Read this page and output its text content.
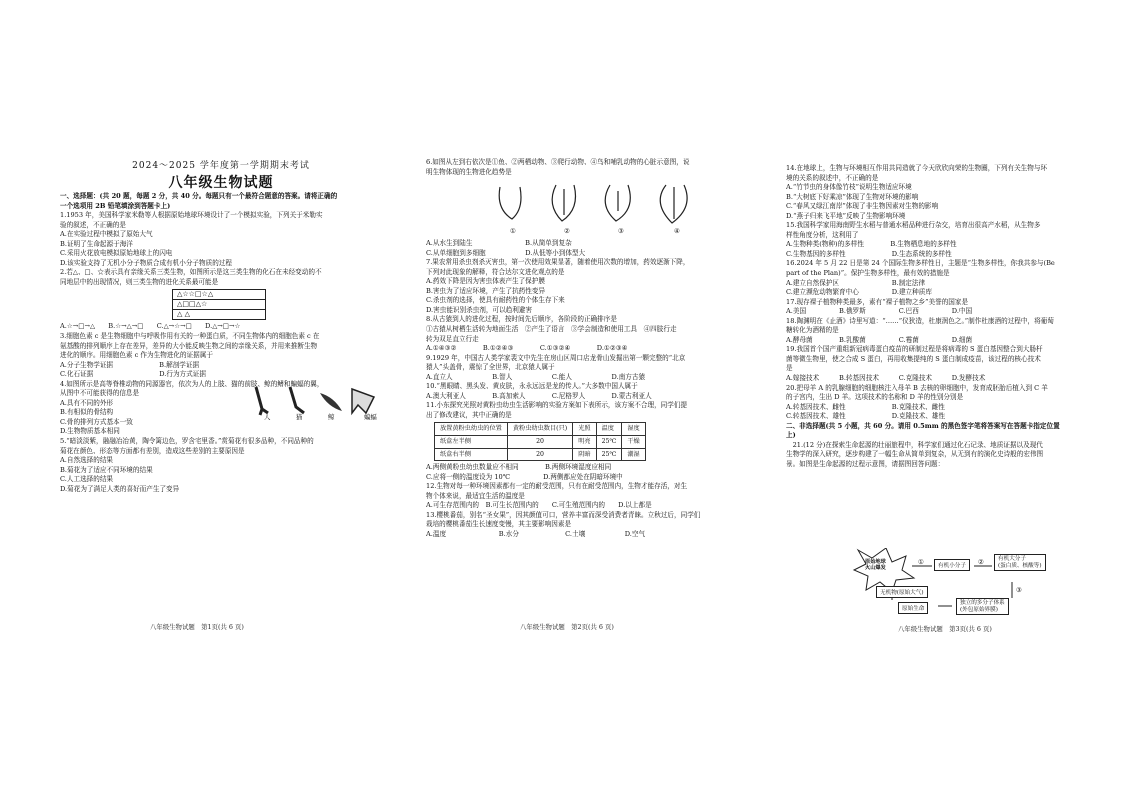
2024～2025 学年度第一学期期末考试
八年级生物试题

一、选择题：(共 20 题，每题 2 分，共 40 分。每题只有一个最符合题意的答案。请将正确的

一个选项用 2B 铅笔填涂到答题卡上)

1.1953 年，美国科学家米勒等人根据原始地球环境设计了一个模拟实验，下列关于米勒实

验的叙述，不正确的是

A.在实验过程中模拟了原始大气

B.证明了生命起源于海洋

C.采用火花放电模拟原始地球上的闪电

D.该实验支持了无机小分子物质合成有机小分子物质的过程

2.若△、□、☆表示具有亲缘关系三类生物，如图所示是这三类生物的化石在未经变动的不

同地层中的出现情况，则三类生物的进化关系最可能是

△☆☆□☆△
△□□△☆
△ △

A.☆→□→△　　B.☆→△→□　　C.△→☆→□　　D.△→□→☆

3.细胞色素 c 是生物细胞中与呼吸作用有关的一种蛋白质，不同生物体内的细胞色素 c 在

氨基酸的排列顺序上存在差异，差异的大小能反映生物之间的亲缘关系，并用来推断生物

进化的顺序。用细胞色素 c 作为生物进化的证据属于

A.分子生物学证据　　　　　　　B.解剖学证据

C.化石证据　　　　　　　　　　D.行为方式证据

4.如图所示是高等脊椎动物的同源器官，依次为人的上肢、猫的前肢、鲸的鳍和蝙蝠的翼，

从图中不可能获得的信息是

A.具有不同的外形

B.有相似的骨结构

C.骨的排列方式基本一致

D.生物物质基本相同

人	猫	鲸	蝙蝠

5.“暗淡淡紫，融融冶冶黄，陶令篱边色，罗含宅里香。”赏菊花有很多品种，不同品种的

菊花在颜色、形态等方面都有差别，造成这些差别的主要原因是

A.自然选择的结果

B.菊花为了适应不同环境的结果

C.人工选择的结果

D.菊花为了满足人类的喜好而产生了变异

八年级生物试题　第1页(共 6 页)

6.如图从左到右依次是①鱼、②两栖动物、③爬行动物、④鸟和哺乳动物的心脏示意图，说

明生物体现的生物进化趋势是

①	②	③	④

A.从水生到陆生　　　　　　　　B.从简单到复杂

C.从单细胞到多细胞　　　　　　D.从低等小到体型大

7.果农常用杀虫剂杀灭害虫，第一次使用效果显著，随着使用次数的增加，药效逐渐下降，

下列对此现象的解释，符合达尔文进化观点的是

A.药效下降是因为害虫体表产生了保护膜

B.害虫为了适应环境，产生了抗药性变异

C.杀虫剂的选择，使具有耐药性的个体生存下来

D.害虫能识别杀虫剂，可以趋利避害

8.从古猿到人的进化过程，按时间先后顺序，各阶段的正确排序是

①古猿从树栖生活转为地面生活　②产生了语言　③学会制造和使用工具　④四肢行走

转为双足直立行走

A.①④③②　　　　B.①②④③　　　　C.①③②④　　　　D.①②③④

9.1929 年，中国古人类学家裴文中先生在房山区周口店龙骨山发掘出第一颗完整的“北京

猿人”头盖骨，震惊了全世界，北京猿人属于

A.直立人　　　　　　B.智人　　　　　　C.能人　　　　　　D.南方古猿

10.“黑眼睛、黑头发、黄皮肤，永永远远是龙的传人。”大多数中国人属于

A.澳大利亚人　　　　B.高加索人　　　　C.尼格罗人　　　　D.蒙古利亚人

11.小东探究光照对黄粉虫幼虫生活影响的实验方案如下表所示，该方案不合理，同学们提

出了修改建议，其中正确的是

放置黄粉虫幼虫的位置	黄粉虫幼虫数目(只)	光照	温度	湿度
纸盒左半侧	20	明亮	25℃	干燥
纸盒右半侧	20	阴暗	25℃	潮湿

A.两侧黄粉虫幼虫数量应不相同　　　　B.两侧环境湿度应相同

C.应将一侧的温度设为 10℃　　　　　D.两侧都应处在阴暗环境中

12.生物对每一种环境因素都有一定的耐受范围，只有在耐受范围内，生物才能存活，对生

物个体来说，最适宜生活的温度是

A.可生存范围内的　B.可生长范围内的　　C.可生殖范围内的　　D.以上都是

13.樱桃番茄，别名“圣女果”，因其颜值可口，营养丰富而深受消费者青睐。立秋过后，同学们

栽培的樱桃番茄生长速度变慢，其主要影响因素是

A.温度　　　　　　　　B.水分　　　　　　　C.土壤　　　　　　D.空气

八年级生物试题　第2页(共 6 页)

14.在地球上，生物与环境相互作用共同造就了今天欣欣向荣的生物圈，下列有关生物与环

境的关系的叙述中，不正确的是

A.“竹节虫的身体像竹枝”说明生物适应环境

B.“大树底下好乘凉”体现了生物对环境的影响

C.“春风又绿江南岸”体现了非生物因素对生物的影响

D.“燕子归来飞平地”反映了生物影响环境

15.我国科学家用海南野生水稻与普通水稻品种进行杂交，培育出很高产水稻，从生物多

样性角度分析，这利用了

A.生物种类(物种)的多样性　　　　B.生物栖息地的多样性

C.生物基因的多样性　　　　　　　D.生态系统的多样性

16.2024 年 5 月 22 日是第 24 个国际生物多样性日，主题是“生物多样性，你我共参与(Be

part of the Plan)”。保护生物多样性，最有效的措施是

A.建立自然保护区　　　　　　　　B.制定法律

C.建立濒危动物繁育中心　　　　　D.建立种质库

17.现存裸子植物种类最多，素有“裸子植物之乡”美誉的国家是

A.美国　　　　　B.俄罗斯　　　　　C.巴西　　　　　D.中国

18.陶渊明在《止酒》诗里写道：“……”仪狄造，杜康润色之。”制作杜康酒的过程中，将葡萄

糖转化为酒精的是

A.酵母菌　　　　B.乳酸菌　　　　　C.霉菌　　　　　D.细菌

19.我国首个国产重组新冠病毒蛋白疫苗的研制过程是将病毒的 S 蛋白基因整合到大肠杆

菌等微生物里，使之合成 S 蛋白，再用收集提纯的 S 蛋白制成疫苗，该过程的核心技术

是

A.嫁接技术　　　B.转基因技术　　　C.克隆技术　　　D.发酵技术

20.把母羊 A 的乳腺细胞的细胞核注入母羊 B 去核的卵细胞中，发育成胚胎后植入到 C 羊

的子宫内，生出 D 羊。这项技术的名称和 D 羊的性别分别是

A.转基因技术、雌性　　　　　　　B.克隆技术、雌性

C.转基因技术、雄性　　　　　　　D.克隆技术、雄性

二、非选择题(共 5 小题，共 60 分。请用 0.5mm 的黑色签字笔将答案写在答题卡指定位置

上)

　21.(12 分)在探索生命起源的壮丽旅程中，科学家们通过化石记录、地质证据以及现代

生物学的深入研究，逐步构建了一幅生命从简单到复杂，从无到有的演化史诗般的宏伟图

景。如图是生命起源的过程示意图，请据图回答问题：

原始地球
火山爆发	有机小分子
有机大分子
(蛋白质、核酸等)
无机物(原始大气)
原始生命
独立的多分子体系
(外包原始界膜)
①	②
③
八年级生物试题　第3页(共 6 页)
